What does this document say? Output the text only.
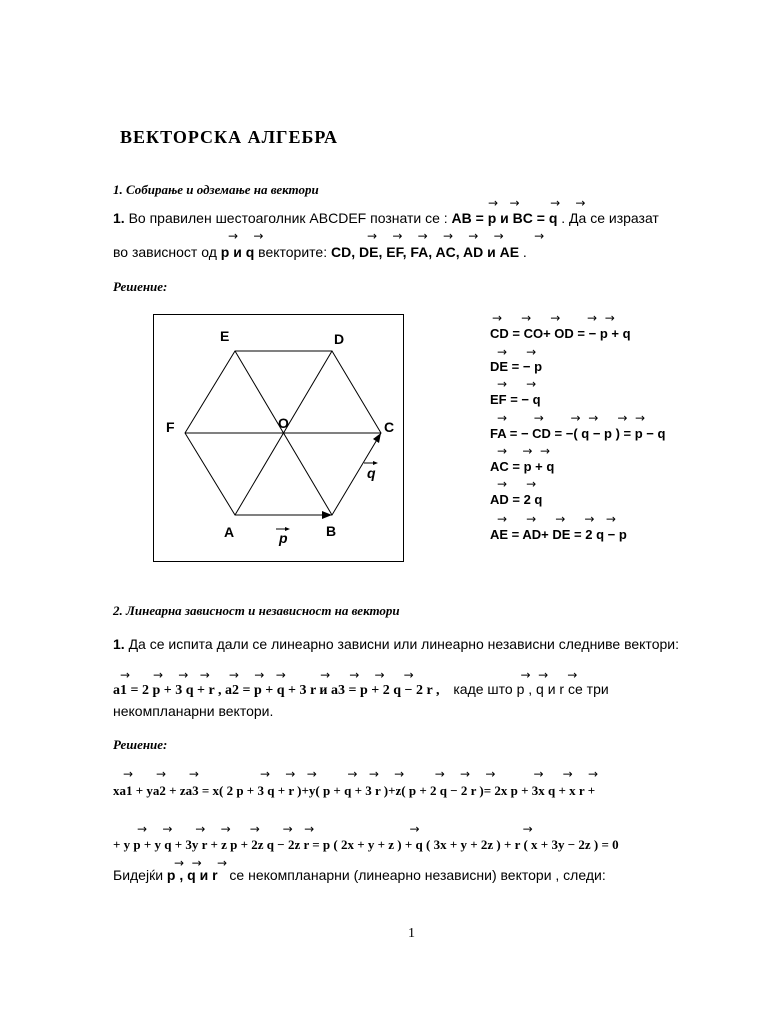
ВЕКТОРСКА АЛГЕБРА
1. Собирање и одземање на вектори
→   →        →    →
1. Во правилен шестоаголник ABCDEF познати се : AB = p и BC = q . Да се изразат
→    →	→    →    →    →    →    →        →
во зависност од p и q векторите: CD, DE, EF, FA, AC, AD и AE .
Решение:
E	D
F	O	C
A	B
p
q
→     →     →       →  →
CD = CO+ OD = − p + q
→     →
DE = − p
→     →
EF = − q
→       →       →  →     →  →
FA = − CD = −( q − p ) = p − q
→    →  →
AC = p + q
→     →
AD = 2 q
→     →     →     →   →
AE = AD+ DE = 2 q − p
2. Линеарна зависност и независност на вектори
1. Да се испита дали се линеарно зависни или линеарно независни следниве вектори:
→      →    →   →     →    →   →         →     →    →     →                            →  →     →
a1 = 2 p + 3 q + r , a2 = p + q + 3 r и a3 = p + 2 q − 2 r , каде што p , q и r се три
некомпланарни вектори.
Решение:
→      →      →                →    →   →        →   →    →        →    →    →          →     →    →
xa1 + ya2 + za3 = x( 2 p + 3 q + r )+y( p + q + 3 r )+z( p + 2 q − 2 r )= 2x p + 3x q + x r +
→    →      →    →     →      →   →                         →                           →
+ y p + y q + 3y r + z p + 2z q − 2z r = p ( 2x + y + z ) + q ( 3x + y + 2z ) + r ( x + 3y − 2z ) = 0
→  →    →
Бидејќи p , q и r се некомпланарни (линеарно независни) вектори , следи:
1
